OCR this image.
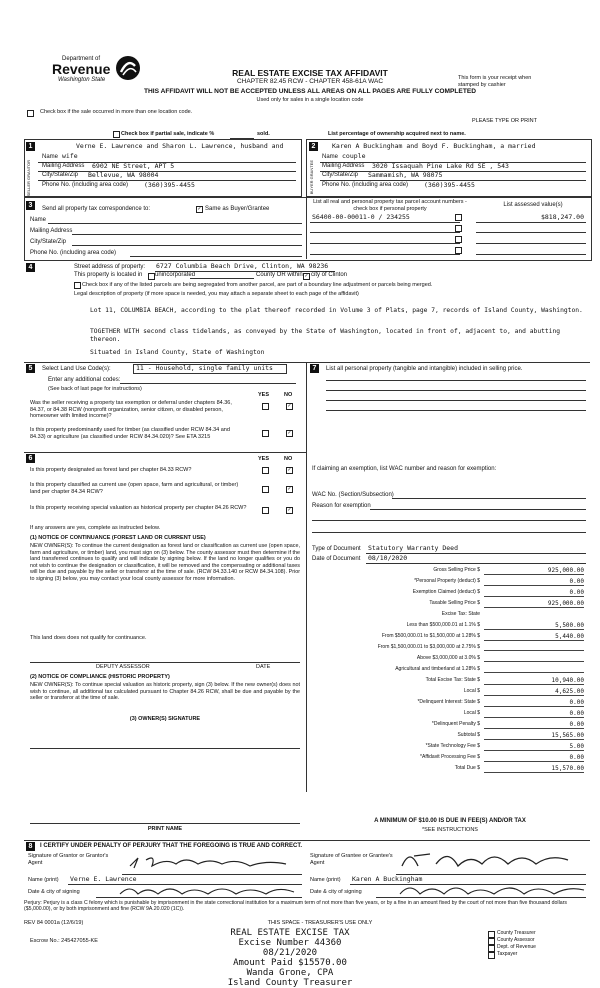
Department of
Revenue
Washington State
REAL ESTATE EXCISE TAX AFFIDAVIT
CHAPTER 82.45 RCW - CHAPTER 458-61A WAC
THIS AFFIDAVIT WILL NOT BE ACCEPTED UNLESS ALL AREAS ON ALL PAGES ARE FULLY COMPLETED
Used only for sales in a single location code
This form is your receipt when stamped by cashier
Check box if the sale occurred in more than one location code.
PLEASE TYPE OR PRINT
Check box if partial sale, indicate %	sold.	List percentage of ownership acquired next to name.
1
SELLER GRANTOR
Verne E. Lawrence and Sharon L. Lawrence, husband and
Name wife
Mailing Address 6902 NE Street, APT 5
City/State/Zip Bellevue, WA 98004
Phone No. (including area code) (360)395-4455
2
BUYER GRANTEE
Karen A Buckingham and Boyd F. Buckingham, a married
Name couple
Mailing Address 3020 Issaquah Pine Lake Rd SE , 543
City/State/Zip Sammamish, WA 98075
Phone No. (including area code) (360)395-4455
3	Send all property tax correspondence to:	✓ Same as Buyer/Grantee
Name
Mailing Address
City/State/Zip
Phone No. (including area code)
List all real and personal property tax parcel account numbers - check box if personal property
List assessed value(s)
S6400-00-00011-0 / 234255	$818,247.00
4	Street address of property: 6727 Columbia Beach Drive, Clinton, WA 98236
This property is located in unincorporated	County OR within ✓ city of Clinton
Check box if any of the listed parcels are being segregated from another parcel, are part of a boundary line adjustment or parcels being merged.
Legal description of property (if more space is needed, you may attach a separate sheet to each page of the affidavit)
Lot 11, COLUMBIA BEACH, according to the plat thereof recorded in Volume 3 of Plats, page 7, records of Island County, Washington.
TOGETHER WITH second class tidelands, as conveyed by the State of Washington, located in front of, adjacent to, and abutting thereon.
Situated in Island County, State of Washington
5	Select Land Use Code(s):	11 - Household, single family units
Enter any additional codes:
(See back of last page for instructions)
YES	NO
Was the seller receiving a property tax exemption or deferral under chapters 84.36, 84.37, or 84.38 RCW (nonprofit organization, senior citizen, or disabled person, homeowner with limited income)?
✓
Is this property predominantly used for timber (as classified under RCW 84.34 and 84.33) or agriculture (as classified under RCW 84.34.020)? See ETA 3215
✓
7	List all personal property (tangible and intangible) included in selling price.
If claiming an exemption, list WAC number and reason for exemption:
WAC No. (Section/Subsection)
Reason for exemption
Type of Document Statutory Warranty Deed
Date of Document 08/10/2020
Gross Selling Price $	925,000.00
*Personal Property (deduct) $	0.00
Exemption Claimed (deduct) $	0.00
Taxable Selling Price $	925,000.00
Excise Tax: State
Less than $500,000.01 at 1.1% $	5,500.00
From $500,000.01 to $1,500,000 at 1.28% $	5,440.00
From $1,500,000.01 to $3,000,000 at 2.75% $
Above $3,000,000 at 3.0% $
Agricultural and timberland at 1.28% $
Total Excise Tax: State $	10,940.00
Local $	4,625.00
*Delinquent Interest: State $	0.00
Local $	0.00
*Delinquent Penalty $	0.00
Subtotal $	15,565.00
*State Technology Fee $	5.00
*Affidavit Processing Fee $	0.00
Total Due $	15,570.00
A MINIMUM OF $10.00 IS DUE IN FEE(S) AND/OR TAX
*SEE INSTRUCTIONS
6	YES	NO
Is this property designated as forest land per chapter 84.33 RCW?	✓
Is this property classified as current use (open space, farm and agricultural, or timber) land per chapter 84.34 RCW?	✓
Is this property receiving special valuation as historical property per chapter 84.26 RCW?	✓
If any answers are yes, complete as instructed below.
(1) NOTICE OF CONTINUANCE (FOREST LAND OR CURRENT USE)
NEW OWNER(S): To continue the current designation as forest land or classification as current use (open space, farm and agriculture, or timber) land, you must sign on (3) below. The county assessor must then determine if the land transferred continues to qualify and will indicate by signing below. If the land no longer qualifies or you do not wish to continue the designation or classification, it will be removed and the compensating or additional taxes will be due and payable by the seller or transferor at the time of sale. (RCW 84.33.140 or RCW 84.34.108). Prior to signing (3) below, you may contact your local county assessor for more information.
This land does does not qualify for continuance.
DEPUTY ASSESSOR	DATE
(2) NOTICE OF COMPLIANCE (HISTORIC PROPERTY)
NEW OWNER(S): To continue special valuation as historic property, sign (3) below. If the new owner(s) does not wish to continue, all additional tax calculated pursuant to Chapter 84.26 RCW, shall be due and payable by the seller or transferor at the time of sale.
(3) OWNER(S) SIGNATURE
PRINT NAME
8	I CERTIFY UNDER PENALTY OF PERJURY THAT THE FOREGOING IS TRUE AND CORRECT.
Signature of Grantor or Grantor's Agent
Name (print) Verne E. Lawrence
Date & city of signing
Signature of Grantee or Grantee's Agent
Name (print) Karen A Buckingham
Date & city of signing
Perjury: Perjury is a class C felony which is punishable by imprisonment in the state correctional institution for a maximum term of not more than five years, or by a fine in an amount fixed by the court of not more than five thousand dollars ($5,000.00), or by both imprisonment and fine (RCW 9A.20.020 (1C)).
REV 84 0001a (12/6/19)	THIS SPACE - TREASURER'S USE ONLY
Escrow No.: 245427055-KE
REAL ESTATE EXCISE TAX
Excise Number 44360
08/21/2020
Amount Paid $15570.00
Wanda Grone, CPA
Island County Treasurer
County Treasurer
County Assessor
Dept. of Revenue
Taxpayer
